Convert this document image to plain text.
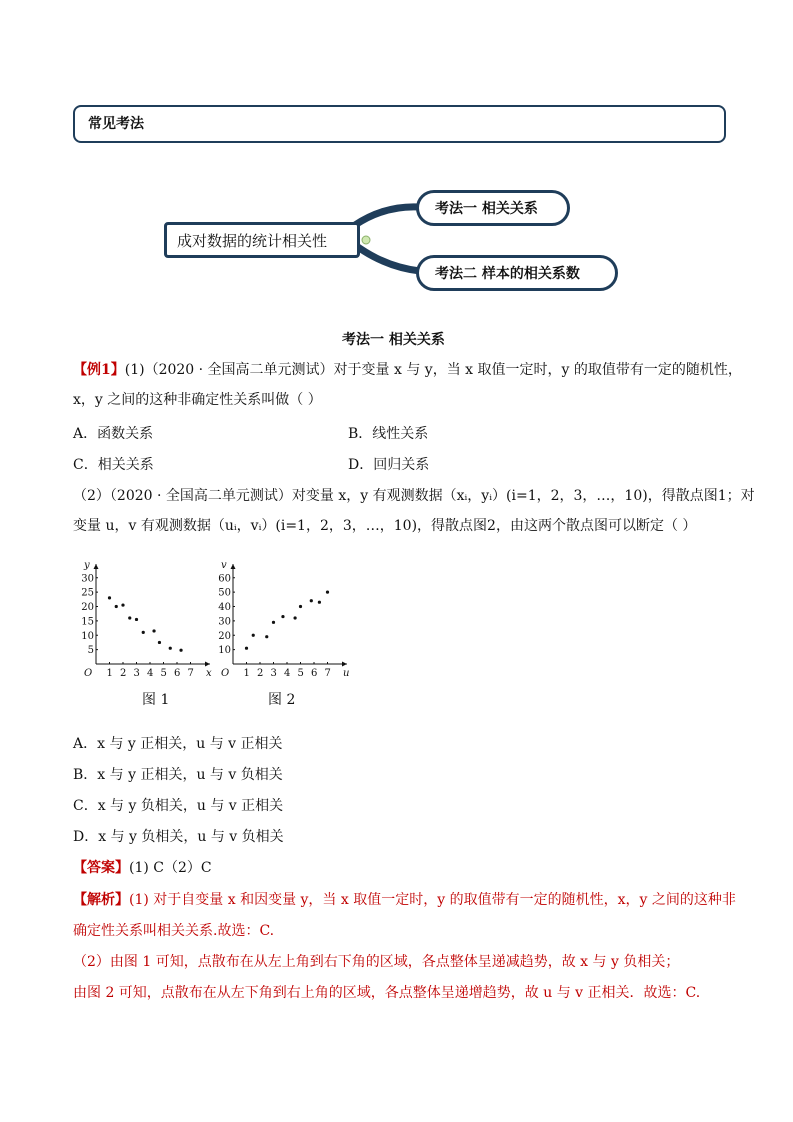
常见考法
成对数据的统计相关性
考法一 相关关系
考法二 样本的相关系数
考法一 相关关系
【例1】(1)（2020 · 全国高二单元测试）对于变量 x 与 y，当 x 取值一定时，y 的取值带有一定的随机性，
x，y 之间的这种非确定性关系叫做（ ）
A．函数关系	B．线性关系
C．相关关系	D．回归关系
（2）（2020 · 全国高二单元测试）对变量 x，y 有观测数据（xᵢ，yᵢ）(i=1，2，3，…，10)，得散点图1；对
变量 u，v 有观测数据（uᵢ，vᵢ）(i=1，2，3，…，10)，得散点图2，由这两个散点图可以断定（ ）
O	x
y
1 2 3 4 5 6 7
5
10
15
20
25
30
O	u
v
1 2 3 4 5 6 7
10
20
30
40
50
60
图 1	图 2
A．x 与 y 正相关，u 与 v 正相关
B．x 与 y 正相关，u 与 v 负相关
C．x 与 y 负相关，u 与 v 正相关
D．x 与 y 负相关，u 与 v 负相关
【答案】(1) C（2）C
【解析】(1) 对于自变量 x 和因变量 y，当 x 取值一定时，y 的取值带有一定的随机性，x，y 之间的这种非
确定性关系叫相关关系.故选：C.
（2）由图 1 可知，点散布在从左上角到右下角的区域，各点整体呈递减趋势，故 x 与 y 负相关；
由图 2 可知，点散布在从左下角到右上角的区域，各点整体呈递增趋势，故 u 与 v 正相关．故选：C.
